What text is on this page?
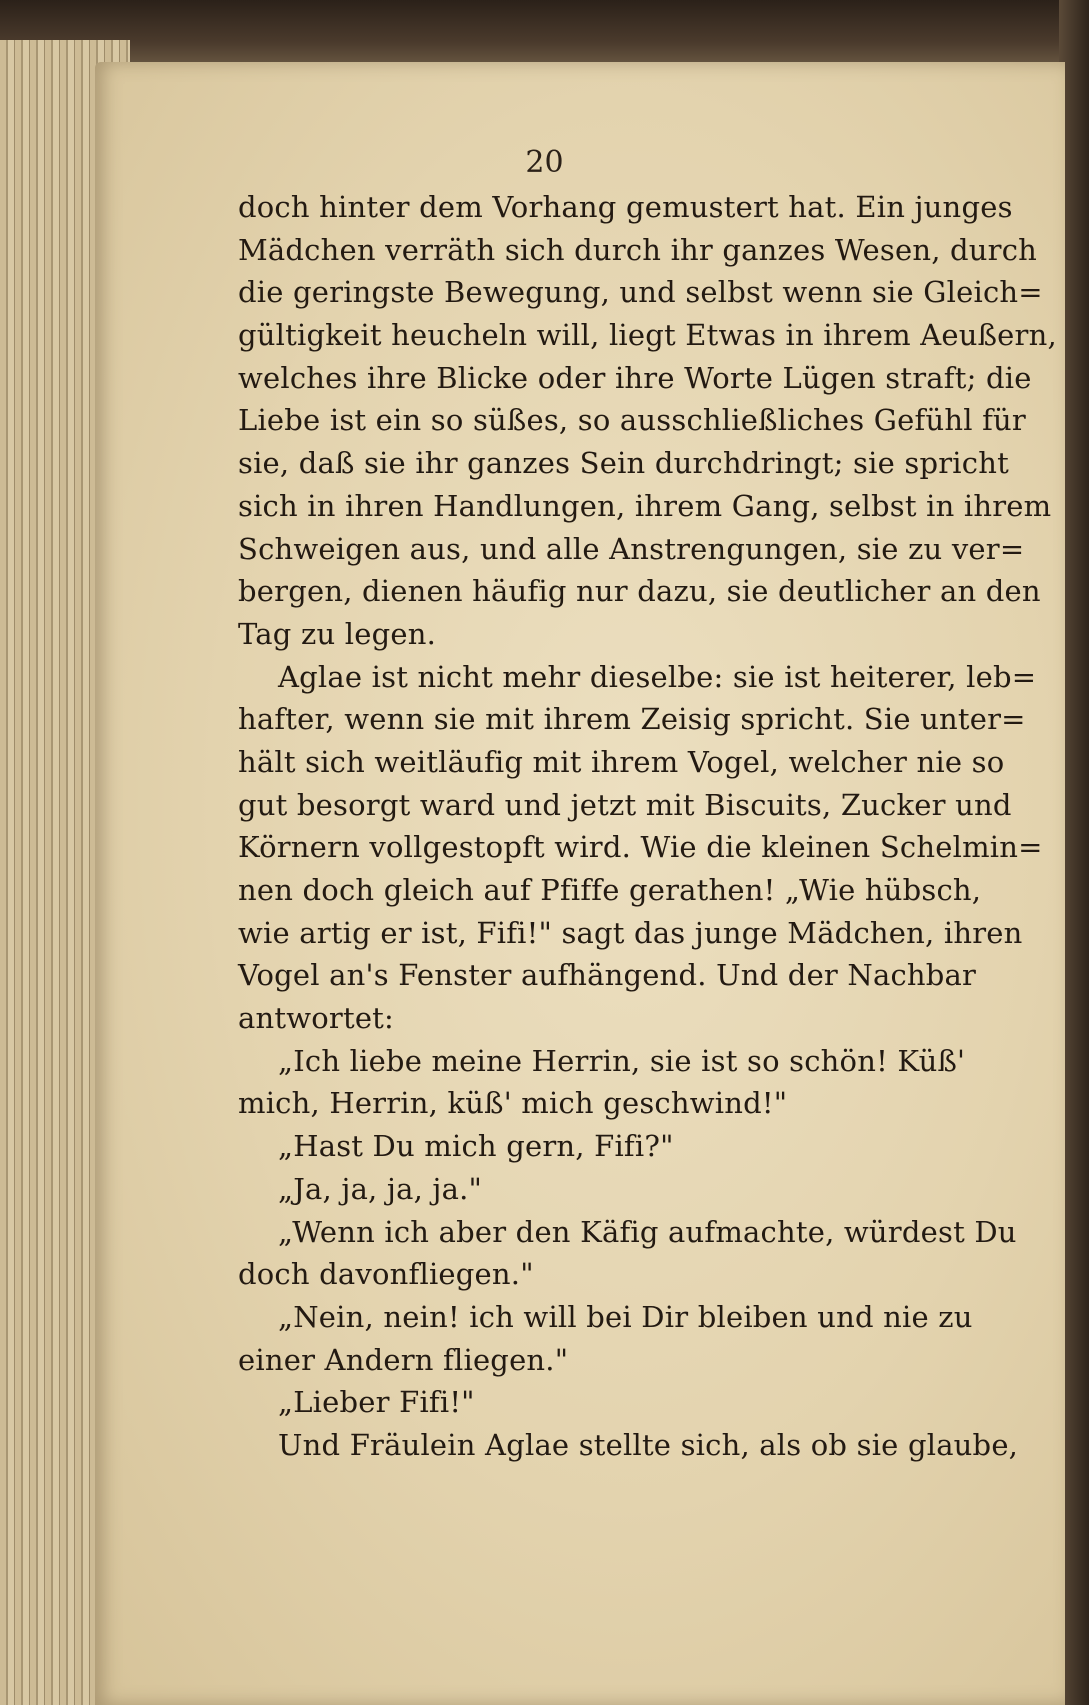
20

doch hinter dem Vorhang gemustert hat. Ein junges
Mädchen verräth sich durch ihr ganzes Wesen, durch
die geringste Bewegung, und selbst wenn sie Gleich=
gültigkeit heucheln will, liegt Etwas in ihrem Aeußern,
welches ihre Blicke oder ihre Worte Lügen straft; die
Liebe ist ein so süßes, so ausschließliches Gefühl für
sie, daß sie ihr ganzes Sein durchdringt; sie spricht
sich in ihren Handlungen, ihrem Gang, selbst in ihrem
Schweigen aus, und alle Anstrengungen, sie zu ver=
bergen, dienen häufig nur dazu, sie deutlicher an den
Tag zu legen.
Aglae ist nicht mehr dieselbe: sie ist heiterer, leb=
hafter, wenn sie mit ihrem Zeisig spricht. Sie unter=
hält sich weitläufig mit ihrem Vogel, welcher nie so
gut besorgt ward und jetzt mit Biscuits, Zucker und
Körnern vollgestopft wird. Wie die kleinen Schelmin=
nen doch gleich auf Pfiffe gerathen! „Wie hübsch,
wie artig er ist, Fifi!" sagt das junge Mädchen, ihren
Vogel an's Fenster aufhängend. Und der Nachbar
antwortet:
„Ich liebe meine Herrin, sie ist so schön! Küß'
mich, Herrin, küß' mich geschwind!"
„Hast Du mich gern, Fifi?"
„Ja, ja, ja, ja."
„Wenn ich aber den Käfig aufmachte, würdest Du
doch davonfliegen."
„Nein, nein! ich will bei Dir bleiben und nie zu
einer Andern fliegen."
„Lieber Fifi!"
Und Fräulein Aglae stellte sich, als ob sie glaube,
